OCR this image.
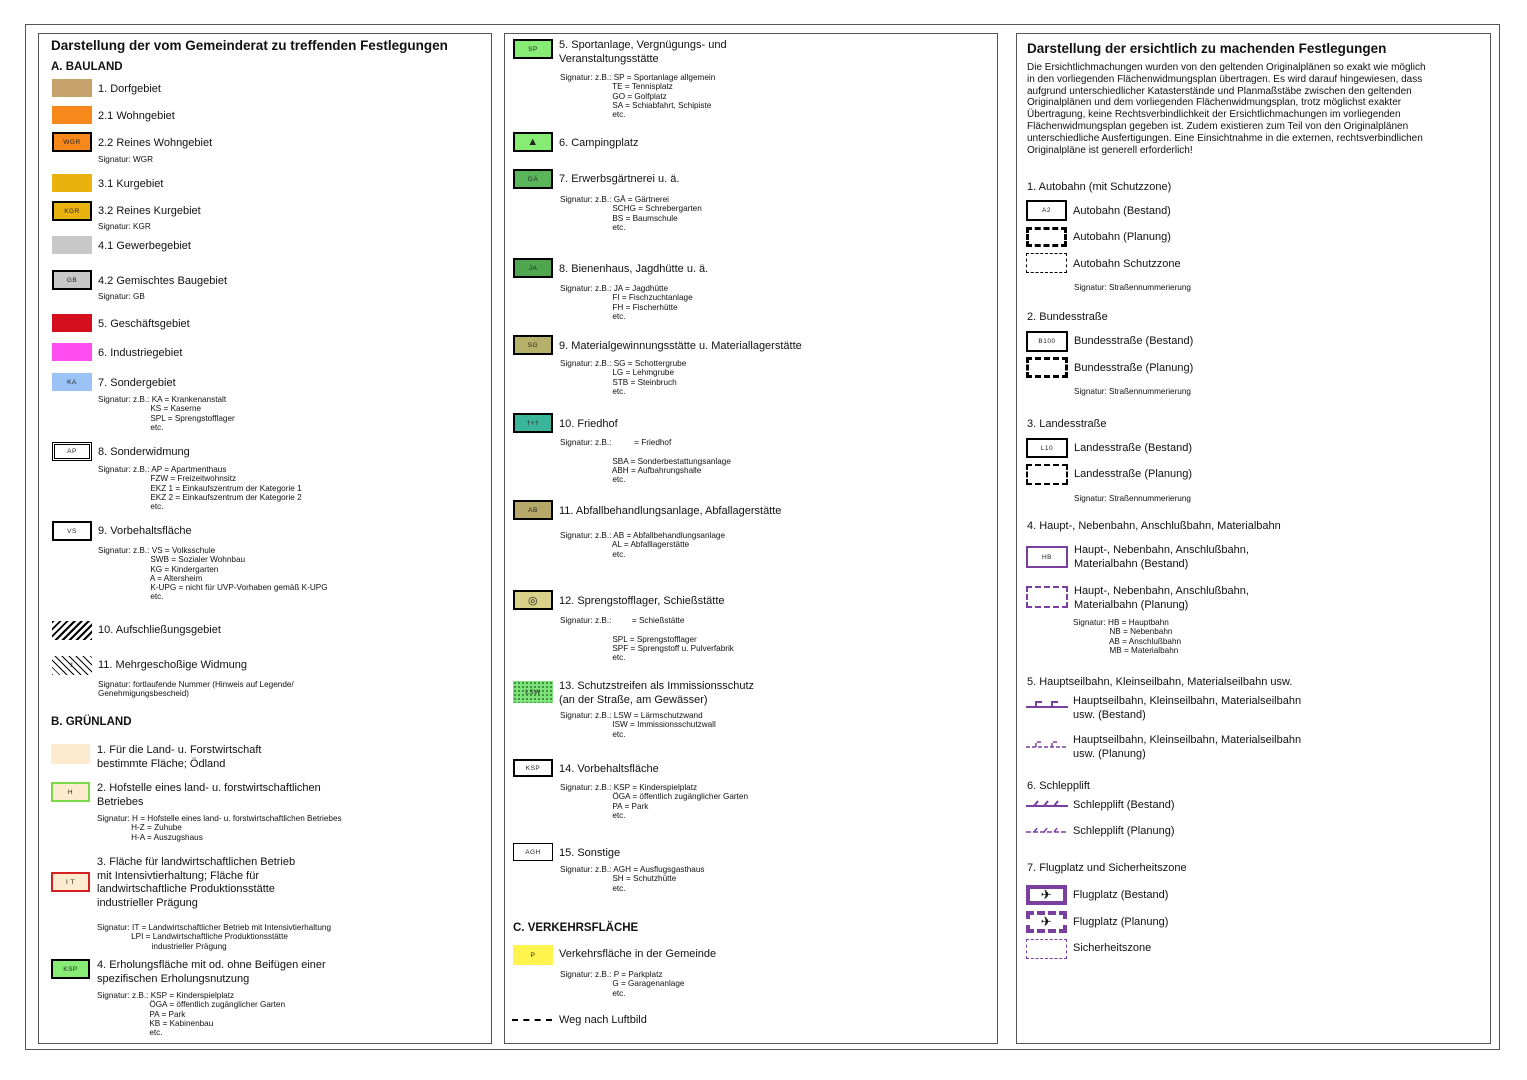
Darstellung der vom Gemeinderat zu treffenden Festlegungen
A. BAULAND
B. GRÜNLAND
C. VERKEHRSFLÄCHE
P	Verkehrsfläche in der Gemeinde
Signatur: z.B.: P = Parkplatz
G = Garagenanlage
etc.
Weg nach Luftbild
Darstellung der ersichtlich zu machenden Festlegungen
Die Ersichtlichmachungen wurden von den geltenden Originalplänen so exakt wie möglich in den vorliegenden Flächenwidmungsplan übertragen. Es wird darauf hingewiesen, dass aufgrund unterschiedlicher Katasterstände und Planmaßstäbe zwischen den geltenden Originalplänen und dem vorliegenden Flächenwidmungsplan, trotz möglichst exakter Übertragung, keine Rechtsverbindlichkeit der Ersichtlichmachungen im vorliegenden Flächenwidmungsplan gegeben ist. Zudem existieren zum Teil von den Originalplänen unterschiedliche Ausfertigungen. Eine Einsichtnahme in die externen, rechtsverbindlichen Originalpläne ist generell erforderlich!
1. Autobahn (mit Schutzzone)
A2	Autobahn (Bestand)
Autobahn (Planung)
Autobahn Schutzzone
Signatur: Straßennummerierung
2. Bundesstraße
B100	Bundesstraße (Bestand)
Bundesstraße (Planung)
Signatur: Straßennummerierung
3. Landesstraße
L10	Landesstraße (Bestand)
Landesstraße (Planung)
Signatur: Straßennummerierung
4. Haupt-, Nebenbahn, Anschlußbahn, Materialbahn
HB
Haupt-, Nebenbahn, Anschlußbahn,
Materialbahn (Bestand)
Haupt-, Nebenbahn, Anschlußbahn,
Materialbahn (Planung)
Signatur: HB = Hauptbahn
NB = Nebenbahn
AB = Anschlußbahn
MB = Materialbahn
5. Hauptseilbahn, Kleinseilbahn, Materialseilbahn usw.
Hauptseilbahn, Kleinseilbahn, Materialseilbahn
usw. (Bestand)
Hauptseilbahn, Kleinseilbahn, Materialseilbahn
usw. (Planung)
6. Schlepplift
Schlepplift (Bestand)
Schlepplift (Planung)
7. Flugplatz und Sicherheitszone
✈ Flugplatz (Bestand)
✈ Flugplatz (Planung)
Sicherheitszone
1. Dorfgebiet
2.1 Wohngebiet
WGR	2.2 Reines Wohngebiet
Signatur: WGR
3.1 Kurgebiet
KGR	3.2 Reines Kurgebiet
Signatur: KGR
4.1 Gewerbegebiet
GB	4.2 Gemischtes Baugebiet
Signatur: GB
5. Geschäftsgebiet
6. Industriegebiet
KA	7. Sondergebiet
Signatur: z.B.: KA = Krankenanstalt
KS = Kaserne
SPL = Sprengstofflager
etc.
AP	8. Sonderwidmung
Signatur: z.B.: AP = Apartmenthaus
FZW = Freizeitwohnsitz
EKZ 1 = Einkaufszentrum der Kategorie 1
EKZ 2 = Einkaufszentrum der Kategorie 2
etc.
VS	9. Vorbehaltsfläche
Signatur: z.B.: VS = Volksschule
SWB = Sozialer Wohnbau
KG = Kindergarten
A = Altersheim
K-UPG = nicht für UVP-Vorhaben gemäß K-UPG
etc.
10. Aufschließungsgebiet
1	11. Mehrgeschoßige Widmung
Signatur: fortlaufende Nummer (Hinweis auf Legende/
Genehmigungsbescheid)
1. Für die Land- u. Forstwirtschaft
bestimmte Fläche; Ödland
H	2. Hofstelle eines land- u. forstwirtschaftlichen
Betriebes
Signatur: H = Hofstelle eines land- u. forstwirtschaftlichen Betriebes
H-Z = Zuhube
H-A = Auszugshaus
I T
3. Fläche für landwirtschaftlichen Betrieb
mit Intensivtierhaltung; Fläche für
landwirtschaftliche Produktionsstätte
industrieller Prägung
Signatur: IT = Landwirtschaftlicher Betrieb mit Intensivtierhaltung
LPI = Landwirtschaftliche Produktionsstätte
industrieller Prägung
KSP	4. Erholungsfläche mit od. ohne Beifügen einer
spezifischen Erholungsnutzung
Signatur: z.B.: KSP = Kinderspielplatz
ÖGA = öffentlich zugänglicher Garten
PA = Park
KB = Kabinenbau
etc.
SP	5. Sportanlage, Vergnügungs- und
Veranstaltungsstätte
Signatur: z.B.: SP = Sportanlage allgemein
TE = Tennisplatz
GO = Golfplatz
SA = Schiabfahrt, Schipiste
etc.
▲	6. Campingplatz
GÄ	7. Erwerbsgärtnerei u. ä.
Signatur: z.B.: GÄ = Gärtnerei
SCHG = Schrebergarten
BS = Baumschule
etc.
JA	8. Bienenhaus, Jagdhütte u. ä.
Signatur: z.B.: JA = Jagdhütte
FI = Fischzuchtanlage
FH = Fischerhütte
etc.
SG	9. Materialgewinnungsstätte u. Materiallagerstätte
Signatur: z.B.: SG = Schottergrube
LG = Lehmgrube
STB = Steinbruch
etc.
†+†	10. Friedhof
Signatur: z.B.:          = Friedhof

SBA = Sonderbestattungsanlage
ABH = Aufbahrungshalle
etc.
AB	11. Abfallbehandlungsanlage, Abfallagerstätte
Signatur: z.B.: AB = Abfallbehandlungsanlage
AL = Abfalllagerstätte
etc.
◎	12. Sprengstofflager, Schießstätte
Signatur: z.B.:         = Schießstätte

SPL = Sprengstofflager
SPF = Sprengstoff u. Pulverfabrik
etc.
LSW	13. Schutzstreifen als Immissionsschutz
(an der Straße, am Gewässer)
Signatur: z.B.: LSW = Lärmschutzwand
ISW = Immissionsschutzwall
etc.
KSP	14. Vorbehaltsfläche
Signatur: z.B.: KSP = Kinderspielplatz
ÖGA = öffentlich zugänglicher Garten
PA = Park
etc.
AGH	15. Sonstige
Signatur: z.B.: AGH = Ausflugsgasthaus
SH = Schutzhütte
etc.
